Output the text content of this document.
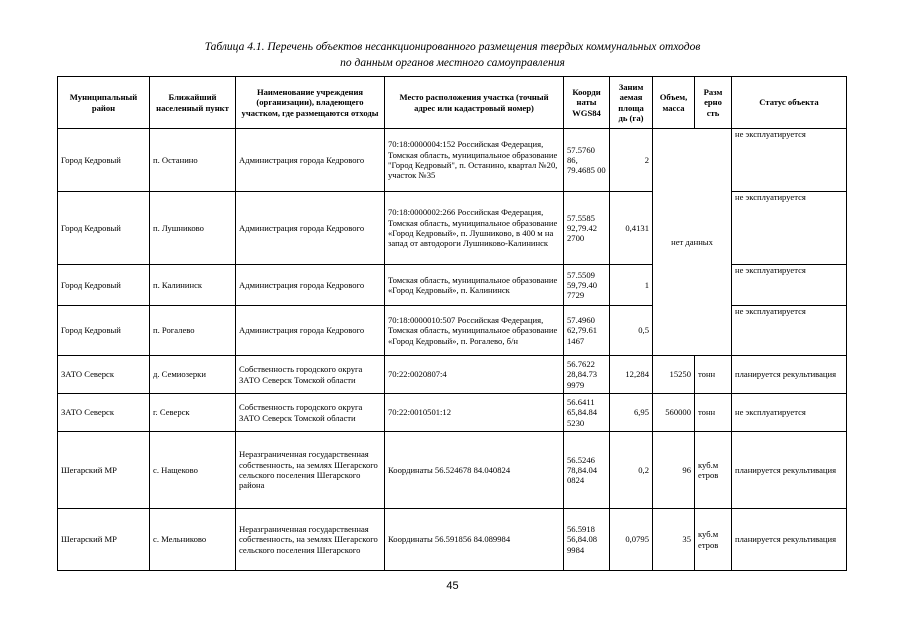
Таблица 4.1. Перечень объектов несанкционированного размещения твердых коммунальных отходов
по данным органов местного самоуправления
Муниципальный район	Ближайший населенный пункт	Наименование учреждения (организации), владеющего участком, где размещаются отходы	Место расположения участка (точный адрес или кадастровый номер)	Коорди наты WGS84	Заним аемая площа дь (га)	Объем, масса	Разм ерно сть	Статус объекта
Город Кедровый	п. Останино	Администрация города Кедрового	70:18:0000004:152 Российская Федерация, Томская область, муниципальное образование "Город Кедровый", п. Останино, квартал №20, участок №35	57.5760 86, 79.4685 00	2	нет данных		не эксплуатируется
Город Кедровый	п. Лушниково	Администрация города Кедрового	70:18:0000002:266 Российская Федерация, Томская область, муниципальное образование «Город Кедровый», п. Лушниково, в 400 м на запад от автодороги Лушниково-Калининск	57.5585 92,79.42 2700	0,4131			не эксплуатируется
Город Кедровый	п. Калининск	Администрация города Кедрового	Томская область, муниципальное образование «Город Кедровый», п. Калининск	57.5509 59,79.40 7729	1			не эксплуатируется
Город Кедровый	п. Рогалево	Администрация города Кедрового	70:18:0000010:507 Российская Федерация, Томская область, муниципальное образование «Город Кедровый», п. Рогалево, б/н	57.4960 62,79.61 1467	0,5			не эксплуатируется
ЗАТО Северск	д. Семиозерки	Собственность городского округа ЗАТО Северск Томской области	70:22:0020807:4	56.7622 28,84.73 9979	12,284	15250	тонн	планируется рекультивация
ЗАТО Северск	г. Северск	Собственность городского округа ЗАТО Северск Томской области	70:22:0010501:12	56.6411 65,84.84 5230	6,95	560000	тонн	не эксплуатируется
Шегарский МР	с. Нащеково	Неразграниченная государственная собственность, на землях Шегарского сельского поселения Шегарского района	Координаты 56.524678 84.040824	56.5246 78,84.04 0824	0,2	96	куб.м етров	планируется рекультивация
Шегарский МР	с. Мельниково	Неразграниченная государственная собственность, на землях Шегарского сельского поселения Шегарского	Координаты 56.591856 84.089984	56.5918 56,84.08 9984	0,0795	35	куб.м етров	планируется рекультивация
45
